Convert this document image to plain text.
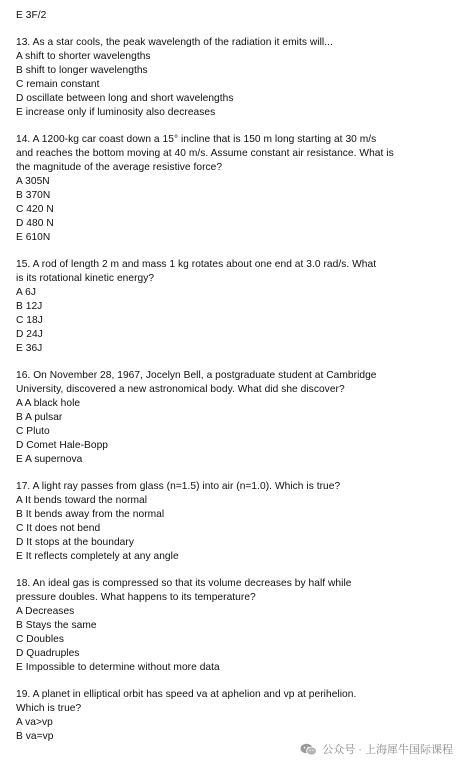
E 3F/2
13. As a star cools, the peak wavelength of the radiation it emits will...
A shift to shorter wavelengths
B shift to longer wavelengths
C remain constant
D oscillate between long and short wavelengths
E increase only if luminosity also decreases
14. A 1200-kg car coast down a 15° incline that is 150 m long starting at 30 m/s
and reaches the bottom moving at 40 m/s. Assume constant air resistance. What is
the magnitude of the average resistive force?
A 305N
B 370N
C 420 N
D 480 N
E 610N
15. A rod of length 2 m and mass 1 kg rotates about one end at 3.0 rad/s. What
is its rotational kinetic energy?
A 6J
B 12J
C 18J
D 24J
E 36J
16. On November 28, 1967, Jocelyn Bell, a postgraduate student at Cambridge
University, discovered a new astronomical body. What did she discover?
A A black hole
B A pulsar
C Pluto
D Comet Hale-Bopp
E A supernova
17. A light ray passes from glass (n=1.5) into air (n=1.0). Which is true?
A It bends toward the normal
B It bends away from the normal
C It does not bend
D It stops at the boundary
E It reflects completely at any angle
18. An ideal gas is compressed so that its volume decreases by half while
pressure doubles. What happens to its temperature?
A Decreases
B Stays the same
C Doubles
D Quadruples
E Impossible to determine without more data
19. A planet in elliptical orbit has speed va at aphelion and vp at perihelion.
Which is true?
A va>vp
B va=vp
公众号 · 上海犀牛国际课程
